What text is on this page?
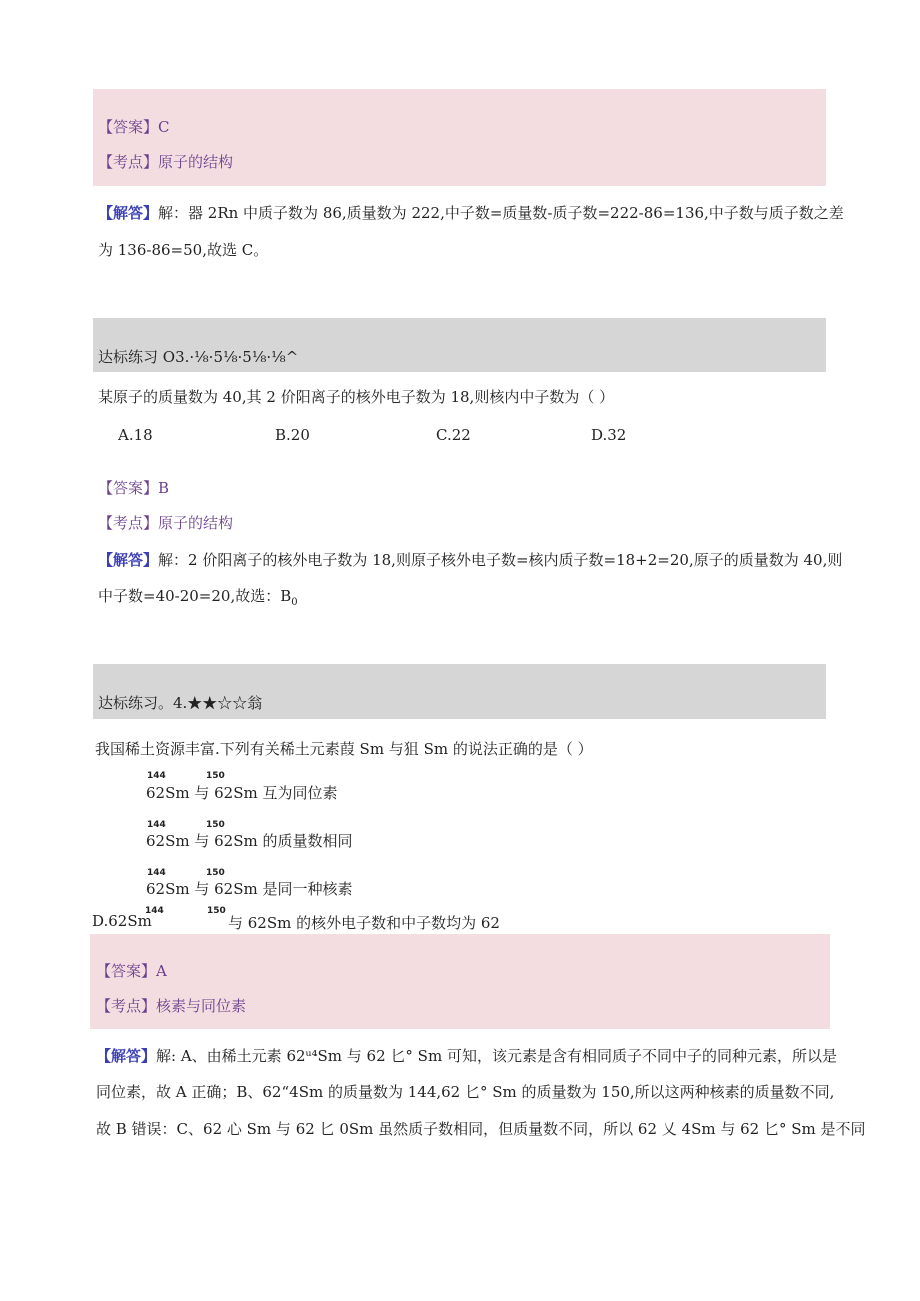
【答案】C
【考点】原子的结构
【解答】解：器 2Rn 中质子数为 86,质量数为 222,中子数=质量数-质子数=222-86=136,中子数与质子数之差
为 136-86=50,故选 C。
达标练习 O3.·⅛·5⅛·5⅛·⅛^
某原子的质量数为 40,其 2 价阳离子的核外电子数为 18,则核内中子数为（ ）
A.18	B.20	C.22	D.32
【答案】B
【考点】原子的结构
【解答】解：2 价阳离子的核外电子数为 18,则原子核外电子数=核内质子数=18+2=20,原子的质量数为 40,则
中子数=40-20=20,故选：$B_0$
达标练习。4.★★☆☆翁
我国稀土资源丰富.下列有关稀土元素葭 Sm 与狙 Sm 的说法正确的是（ ）
144	150
62Sm 与 62Sm 互为同位素
144	150
62Sm 与 62Sm 的质量数相同
144	150
62Sm 与 62Sm 是同一种核素
D.62Sm
144	150
与 62Sm 的核外电子数和中子数均为 62
【答案】A
【考点】核素与同位素
【解答】解: A、由稀土元素 62ᵘ⁴Sm 与 62 匕° Sm 可知，该元素是含有相同质子不同中子的同种元素，所以是
同位素，故 A 正确；B、62“4Sm 的质量数为 144,62 匕° Sm 的质量数为 150,所以这两种核素的质量数不同,
故 B 错误：C、62 心 Sm 与 62 匕 0Sm 虽然质子数相同，但质量数不同，所以 62 乂 4Sm 与 62 匕° Sm 是不同
